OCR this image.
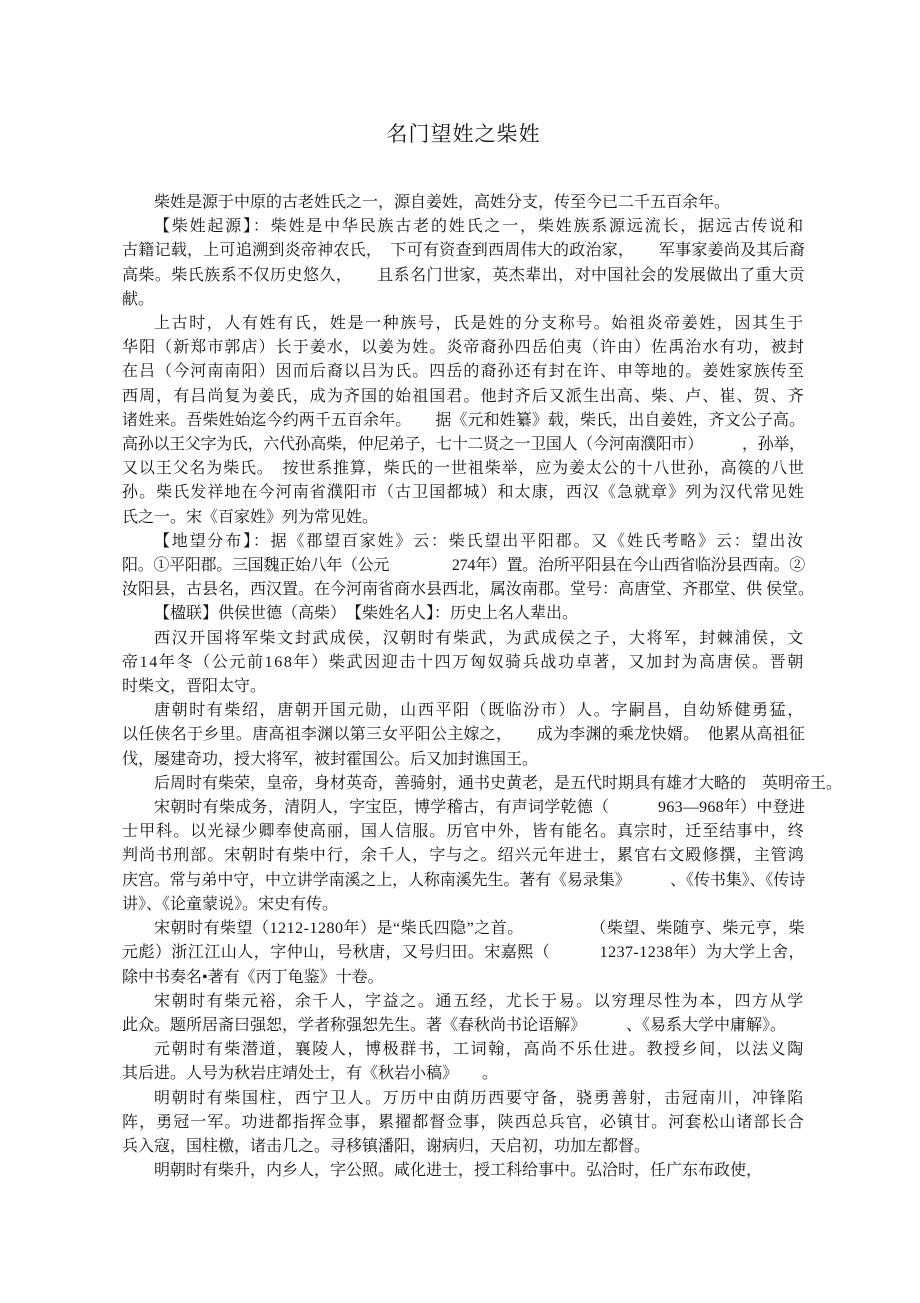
名门望姓之柴姓
柴姓是源于中原的古老姓氏之一，源自姜姓，高姓分支，传至今已二千五百余年。
【柴姓起源】：柴姓是中华民族古老的姓氏之一，柴姓族系源远流长，据远古传说和
古籍记载，上可追溯到炎帝神农氏，　下可有资查到西周伟大的政治家，　　军事家姜尚及其后裔
高柴。柴氏族系不仅历史悠久，　　且系名门世家，英杰辈出，对中国社会的发展做出了重大贡
献。
上古时，人有姓有氏，姓是一种族号，氏是姓的分支称号。始祖炎帝姜姓，因其生于
华阳（新郑市郭店）长于姜水，以姜为姓。炎帝裔孙四岳伯夷（许由）佐禹治水有功，被封
在吕（今河南南阳）因而后裔以吕为氏。四岳的裔孙还有封在许、申等地的。姜姓家族传至
西周，有吕尚复为姜氏，成为齐国的始祖国君。他封齐后又派生出高、柴、卢、崔、贺、齐
诸姓来。吾柴姓始迄今约两千五百余年。　　据《元和姓纂》载，柴氏，出自姜姓，齐文公子高。
高孙以王父字为氏，六代孙高柴，仲尼弟子，七十二贤之一卫国人（今河南濮阳市）　　　，孙举，
又以王父名为柴氏。　按世系推算，柴氏的一世祖柴举，应为姜太公的十八世孙，高篌的八世
孙。柴氏发祥地在今河南省濮阳市（古卫国都城）和太康，西汉《急就章》列为汉代常见姓
氏之一。宋《百家姓》列为常见姓。
【地望分布】：据《郡望百家姓》云：柴氏望出平阳郡。又《姓氏考略》云：望出汝
阳。①平阳郡。三国魏正始八年（公元　　　　274年）置。治所平阳县在今山西省临汾县西南。②
汝阳县，古县名，西汉置。在今河南省商水县西北，属汝南郡。堂号：高唐堂、齐郡堂、供 侯堂。
【楹联】供侯世德（高柴）　【柴姓名人】：历史上名人辈出。
西汉开国将军柴文封武成侯，汉朝时有柴武，为武成侯之子，大将军，封棘浦侯，文
帝14年冬（公元前168年）柴武因迎击十四万匈奴骑兵战功卓著，又加封为高唐侯。晋朝
时柴文，晋阳太守。
唐朝时有柴绍，唐朝开国元勋，山西平阳（既临汾市）人。字嗣昌，自幼矫健勇猛，
以任侠名于乡里。唐高祖李渊以第三女平阳公主嫁之，　　成为李渊的乘龙快婿。　他累从高祖征
伐，屡建奇功，授大将军，被封霍国公。后又加封谯国王。
后周时有柴荣，皇帝，身材英奇，善骑射，通书史黄老，是五代时期具有雄才大略的　英明帝王。
宋朝时有柴成务，清阴人，字宝臣，博学稽古，有声词学乾德（　　　963—968年）中登进
士甲科。以光禄少卿奉使高丽，国人信服。历官中外，皆有能名。真宗时，迁至结事中，终
判尚书刑部。宋朝时有柴中行，余千人，字与之。绍兴元年进士，累官右文殿修撰，主管鸿
庆宫。常与弟中守，中立讲学南溪之上，人称南溪先生。著有《易录集》　　　、《传书集》、《传诗
讲》、《论童蒙说》。宋史有传。
宋朝时有柴望（1212-1280年）是“柴氏四隐”之首。　　　　　（柴望、柴随亨、柴元亨，柴
元彪）浙江江山人，字仲山，号秋唐，又号归田。宋嘉熙（　　　1237-1238年）为大学上舍，
除中书奏名•著有《丙丁龟鉴》十卷。
宋朝时有柴元裕，余千人，字益之。通五经，尤长于易。以穷理尽性为本，四方从学
此众。题所居斋曰强恕，学者称强恕先生。著《春秋尚书论语解》　　　、《易系大学中庸解》。
元朝时有柴潜道，襄陵人，博极群书，工词翰，高尚不乐仕进。教授乡间，以法义陶
其后进。人号为秋岩庄靖处士，有《秋岩小稿》　　。
明朝时有柴国柱，西宁卫人。万历中由荫历西要守备，骁勇善射，击冠南川，冲锋陷
阵，勇冠一军。功进都指挥佥事，累擢都督佥事，陕西总兵官，必镇甘。河套松山诸部长合
兵入寇，国柱檄，诸击几之。寻移镇潘阳，谢病归，天启初，功加左都督。
明朝时有柴升，内乡人，字公照。咸化进士，授工科给事中。弘洽时，任广东布政使，
